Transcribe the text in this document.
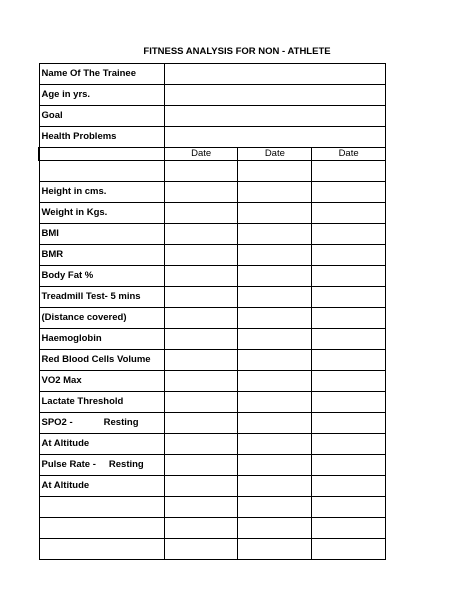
FITNESS ANALYSIS FOR NON - ATHLETE
Name Of The Trainee			
Age in yrs.			
Goal			
Health Problems			
	Date	Date	Date

Height in cms.			
Weight in Kgs.			
BMI			
BMR			
Body Fat %			
Treadmill Test- 5 mins			
(Distance covered)			
Haemoglobin			
Red Blood Cells Volume			
VO2 Max			
Lactate Threshold			
SPO2 - Resting			
At Altitude			
Pulse Rate - Resting			
At Altitude			
